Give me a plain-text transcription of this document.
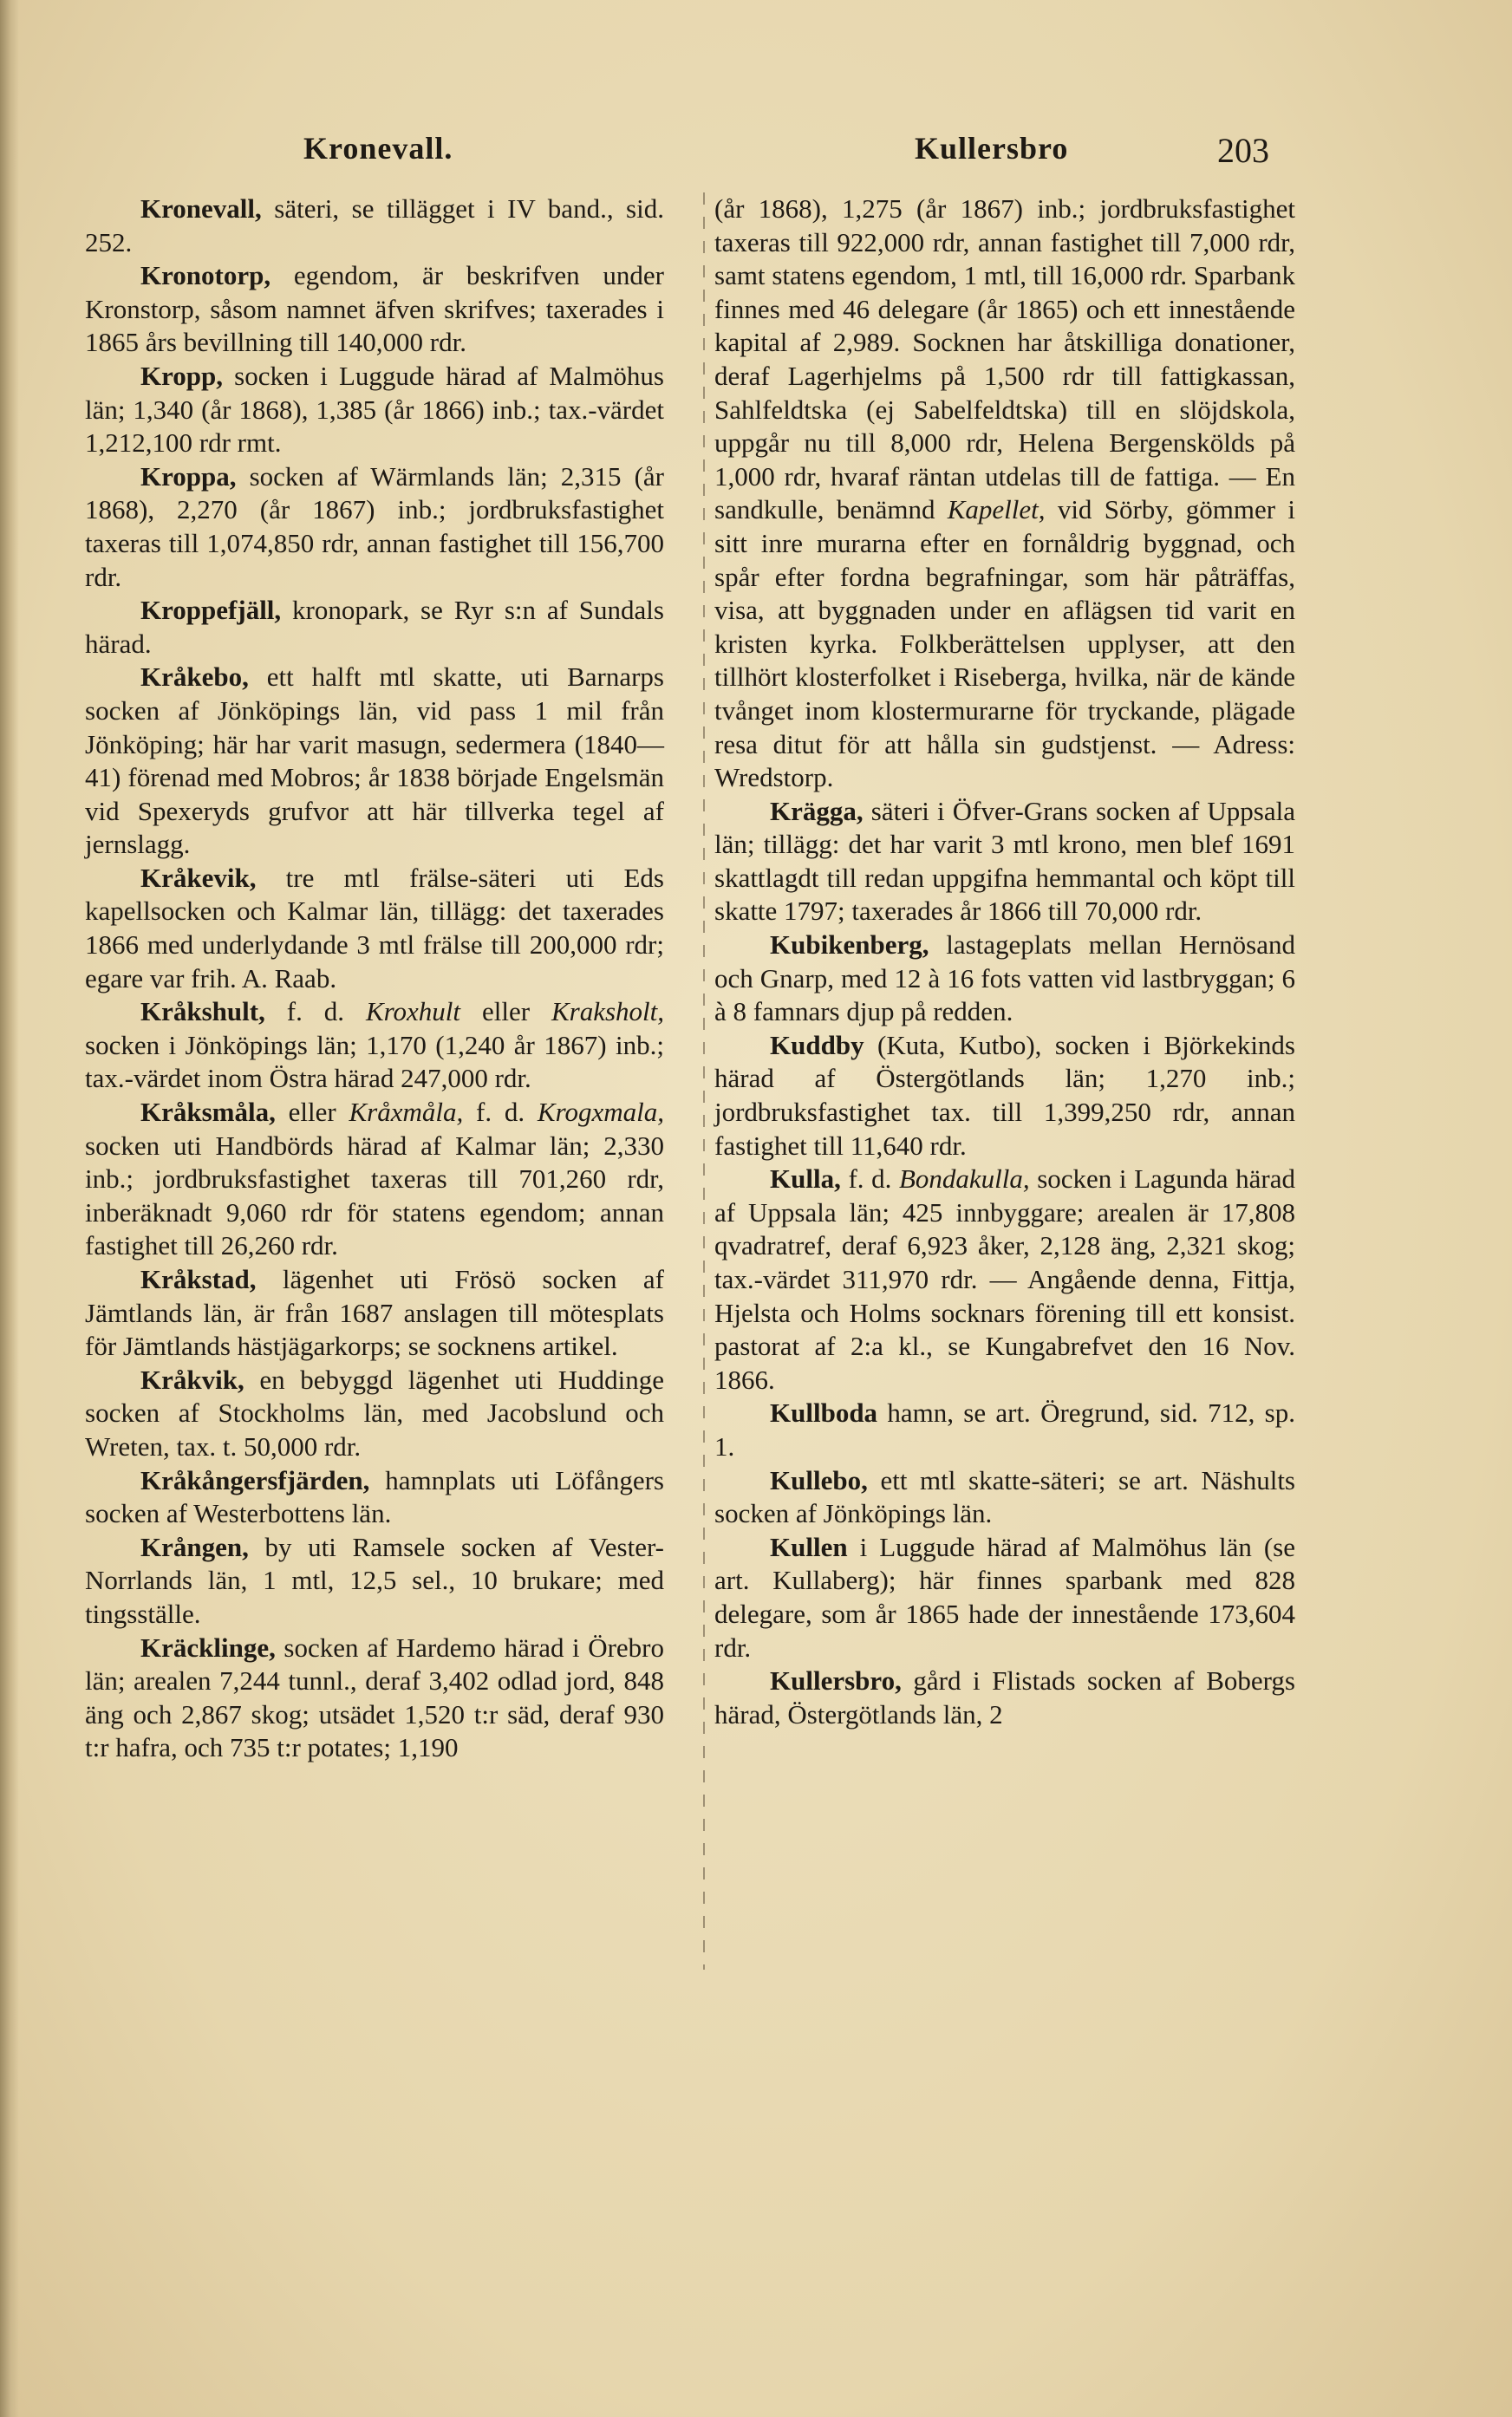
Kronevall.	Kullersbro	203

Kronevall, säteri, se tillägget i IV band., sid. 252.

Kronotorp, egendom, är beskrifven under Kronstorp, såsom namnet äfven skrifves; taxerades i 1865 års bevillning till 140,000 rdr.

Kropp, socken i Luggude härad af Malmöhus län; 1,340 (år 1868), 1,385 (år 1866) inb.; tax.-värdet 1,212,100 rdr rmt.

Kroppa, socken af Wärmlands län; 2,315 (år 1868), 2,270 (år 1867) inb.; jordbruksfastighet taxeras till 1,074,850 rdr, annan fastighet till 156,700 rdr.

Kroppefjäll, kronopark, se Ryr s:n af Sundals härad.

Kråkebo, ett halft mtl skatte, uti Barnarps socken af Jönköpings län, vid pass 1 mil från Jönköping; här har varit masugn, sedermera (1840—41) förenad med Mobros; år 1838 började Engelsmän vid Spexeryds grufvor att här tillverka tegel af jernslagg.

Kråkevik, tre mtl frälse-säteri uti Eds kapellsocken och Kalmar län, tillägg: det taxerades 1866 med underlydande 3 mtl frälse till 200,000 rdr; egare var frih. A. Raab.

Kråkshult, f. d. Kroxhult eller Kraksholt, socken i Jönköpings län; 1,170 (1,240 år 1867) inb.; tax.-värdet inom Östra härad 247,000 rdr.

Kråksmåla, eller Kråxmåla, f. d. Krogxmala, socken uti Handbörds härad af Kalmar län; 2,330 inb.; jordbruksfastighet taxeras till 701,260 rdr, inberäknadt 9,060 rdr för statens egendom; annan fastighet till 26,260 rdr.

Kråkstad, lägenhet uti Frösö socken af Jämtlands län, är från 1687 anslagen till mötesplats för Jämtlands hästjägarkorps; se socknens artikel.

Kråkvik, en bebyggd lägenhet uti Huddinge socken af Stockholms län, med Jacobslund och Wreten, tax. t. 50,000 rdr.

Kråkångersfjärden, hamnplats uti Löfångers socken af Westerbottens län.

Krången, by uti Ramsele socken af Vester-Norrlands län, 1 mtl, 12,5 sel., 10 brukare; med tingsställe.

Kräcklinge, socken af Hardemo härad i Örebro län; arealen 7,244 tunnl., deraf 3,402 odlad jord, 848 äng och 2,867 skog; utsädet 1,520 t:r säd, deraf 930 t:r hafra, och 735 t:r potates; 1,190

(år 1868), 1,275 (år 1867) inb.; jordbruksfastighet taxeras till 922,000 rdr, annan fastighet till 7,000 rdr, samt statens egendom, 1 mtl, till 16,000 rdr. Sparbank finnes med 46 delegare (år 1865) och ett innestående kapital af 2,989. Socknen har åtskilliga donationer, deraf Lagerhjelms på 1,500 rdr till fattigkassan, Sahlfeldtska (ej Sabelfeldtska) till en slöjdskola, uppgår nu till 8,000 rdr, Helena Bergenskölds på 1,000 rdr, hvaraf räntan utdelas till de fattiga. — En sandkulle, benämnd Kapellet, vid Sörby, gömmer i sitt inre murarna efter en fornåldrig byggnad, och spår efter fordna begrafningar, som här påträffas, visa, att byggnaden under en aflägsen tid varit en kristen kyrka. Folkberättelsen upplyser, att den tillhört klosterfolket i Riseberga, hvilka, när de kände tvånget inom klostermurarne för tryckande, plägade resa ditut för att hålla sin gudstjenst. — Adress: Wredstorp.

Krägga, säteri i Öfver-Grans socken af Uppsala län; tillägg: det har varit 3 mtl krono, men blef 1691 skattlagdt till redan uppgifna hemmantal och köpt till skatte 1797; taxerades år 1866 till 70,000 rdr.

Kubikenberg, lastageplats mellan Hernösand och Gnarp, med 12 à 16 fots vatten vid lastbryggan; 6 à 8 famnars djup på redden.

Kuddby (Kuta, Kutbo), socken i Björkekinds härad af Östergötlands län; 1,270 inb.; jordbruksfastighet tax. till 1,399,250 rdr, annan fastighet till 11,640 rdr.

Kulla, f. d. Bondakulla, socken i Lagunda härad af Uppsala län; 425 innbyggare; arealen är 17,808 qvadratref, deraf 6,923 åker, 2,128 äng, 2,321 skog; tax.-värdet 311,970 rdr. — Angående denna, Fittja, Hjelsta och Holms socknars förening till ett konsist. pastorat af 2:a kl., se Kungabrefvet den 16 Nov. 1866.

Kullboda hamn, se art. Öregrund, sid. 712, sp. 1.

Kullebo, ett mtl skatte-säteri; se art. Näshults socken af Jönköpings län.

Kullen i Luggude härad af Malmöhus län (se art. Kullaberg); här finnes sparbank med 828 delegare, som år 1865 hade der innestående 173,604 rdr.

Kullersbro, gård i Flistads socken af Bobergs härad, Östergötlands län, 2
